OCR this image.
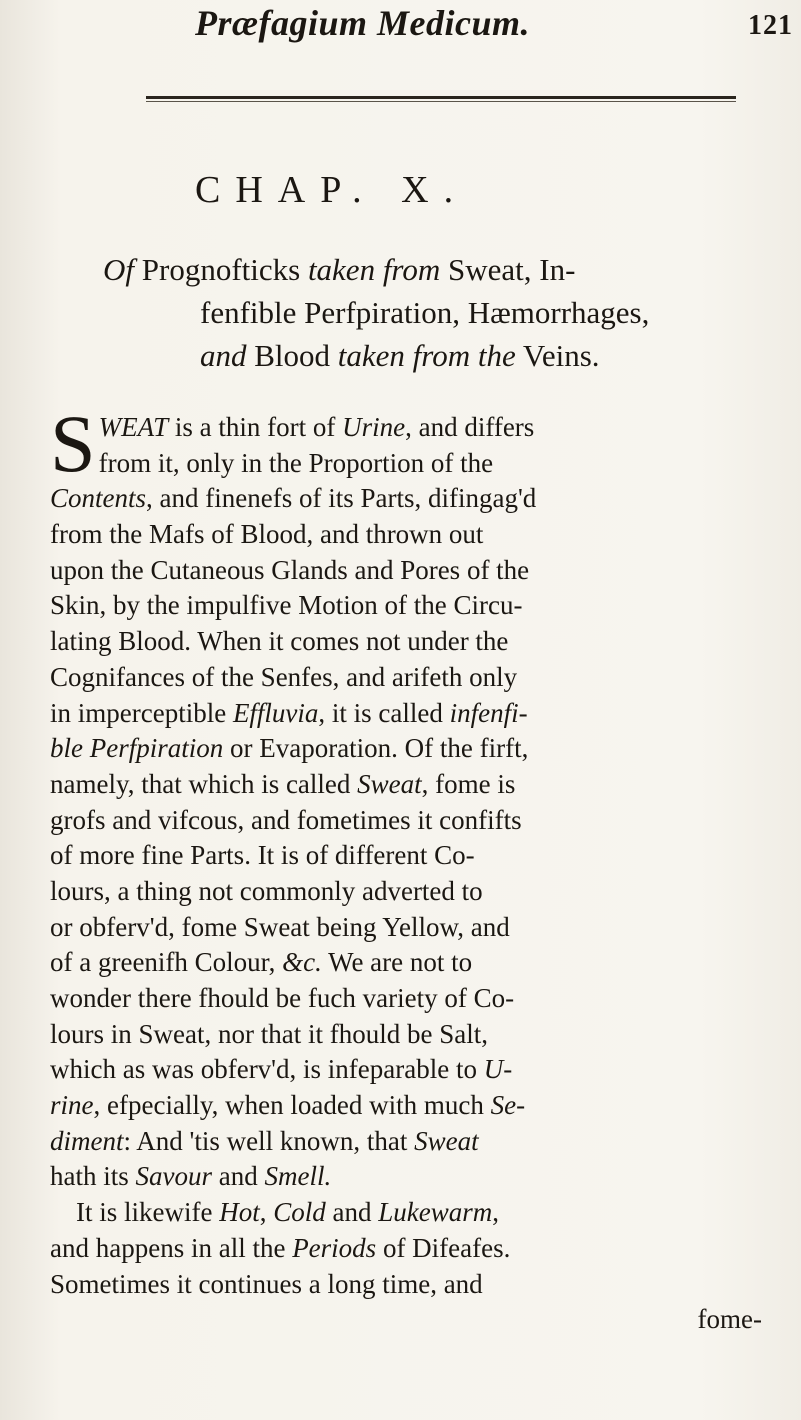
Præfagium Medicum.	121
CHAP. X.
Of Prognofticks taken from Sweat, In-
fenfible Perfpiration, Hæmorrhages,
and Blood taken from the Veins.
S WEAT is a thin fort of Urine, and differs
from it, only in the Proportion of the
Contents, and finenefs of its Parts, difingag'd
from the Mafs of Blood, and thrown out
upon the Cutaneous Glands and Pores of the
Skin, by the impulfive Motion of the Circu-
lating Blood. When it comes not under the
Cognifances of the Senfes, and arifeth only
in imperceptible Effluvia, it is called infenfi-
ble Perfpiration or Evaporation. Of the firft,
namely, that which is called Sweat, fome is
grofs and vifcous, and fometimes it confifts
of more fine Parts. It is of different Co-
lours, a thing not commonly adverted to
or obferv'd, fome Sweat being Yellow, and
of a greenifh Colour, &c. We are not to
wonder there fhould be fuch variety of Co-
lours in Sweat, nor that it fhould be Salt,
which as was obferv'd, is infeparable to U-
rine, efpecially, when loaded with much Se-
diment: And 'tis well known, that Sweat
hath its Savour and Smell.
It is likewife Hot, Cold and Lukewarm,
and happens in all the Periods of Difeafes.
Sometimes it continues a long time, and
fome-
